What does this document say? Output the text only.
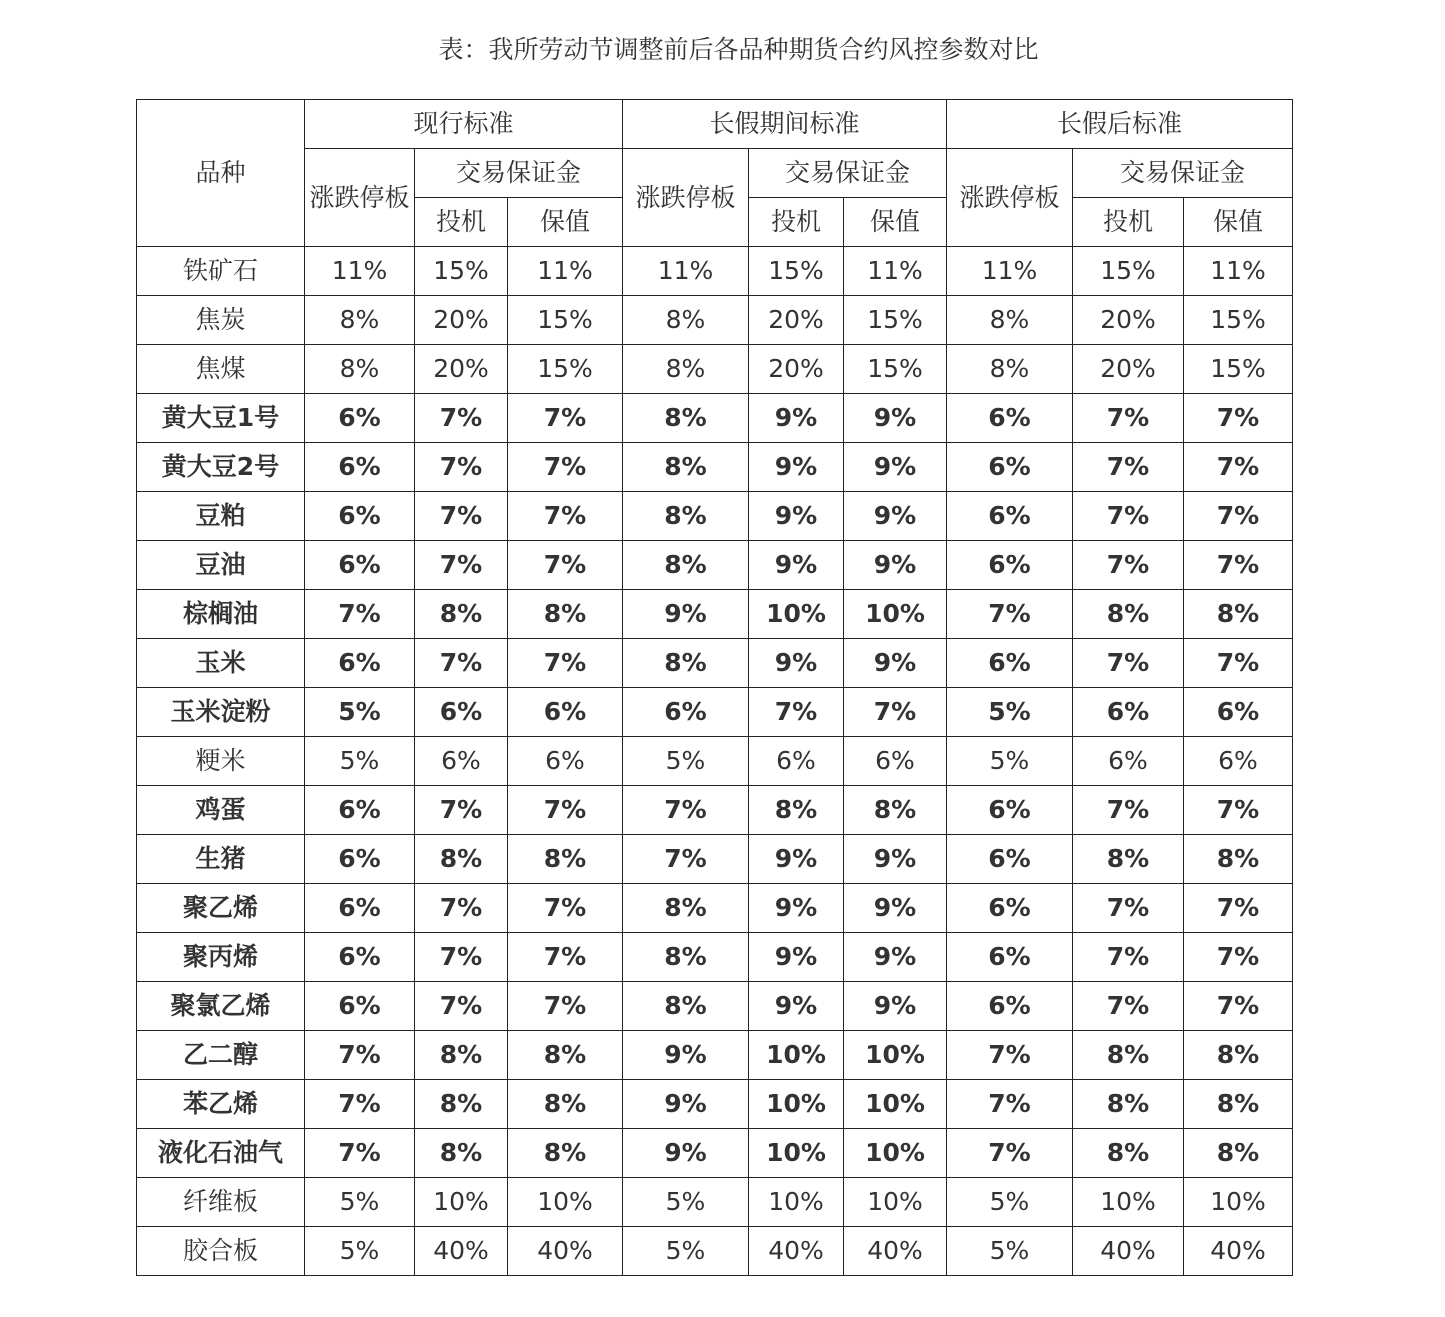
表：我所劳动节调整前后各品种期货合约风控参数对比
品种	现行标准			长假期间标准			长假后标准		
	涨跌停板	交易保证金		涨跌停板	交易保证金		涨跌停板	交易保证金	
		投机	保值		投机	保值		投机	保值
铁矿石	11%	15%	11%	11%	15%	11%	11%	15%	11%
焦炭	8%	20%	15%	8%	20%	15%	8%	20%	15%
焦煤	8%	20%	15%	8%	20%	15%	8%	20%	15%
黄大豆1号	6%	7%	7%	8%	9%	9%	6%	7%	7%
黄大豆2号	6%	7%	7%	8%	9%	9%	6%	7%	7%
豆粕	6%	7%	7%	8%	9%	9%	6%	7%	7%
豆油	6%	7%	7%	8%	9%	9%	6%	7%	7%
棕榈油	7%	8%	8%	9%	10%	10%	7%	8%	8%
玉米	6%	7%	7%	8%	9%	9%	6%	7%	7%
玉米淀粉	5%	6%	6%	6%	7%	7%	5%	6%	6%
粳米	5%	6%	6%	5%	6%	6%	5%	6%	6%
鸡蛋	6%	7%	7%	7%	8%	8%	6%	7%	7%
生猪	6%	8%	8%	7%	9%	9%	6%	8%	8%
聚乙烯	6%	7%	7%	8%	9%	9%	6%	7%	7%
聚丙烯	6%	7%	7%	8%	9%	9%	6%	7%	7%
聚氯乙烯	6%	7%	7%	8%	9%	9%	6%	7%	7%
乙二醇	7%	8%	8%	9%	10%	10%	7%	8%	8%
苯乙烯	7%	8%	8%	9%	10%	10%	7%	8%	8%
液化石油气	7%	8%	8%	9%	10%	10%	7%	8%	8%
纤维板	5%	10%	10%	5%	10%	10%	5%	10%	10%
胶合板	5%	40%	40%	5%	40%	40%	5%	40%	40%
